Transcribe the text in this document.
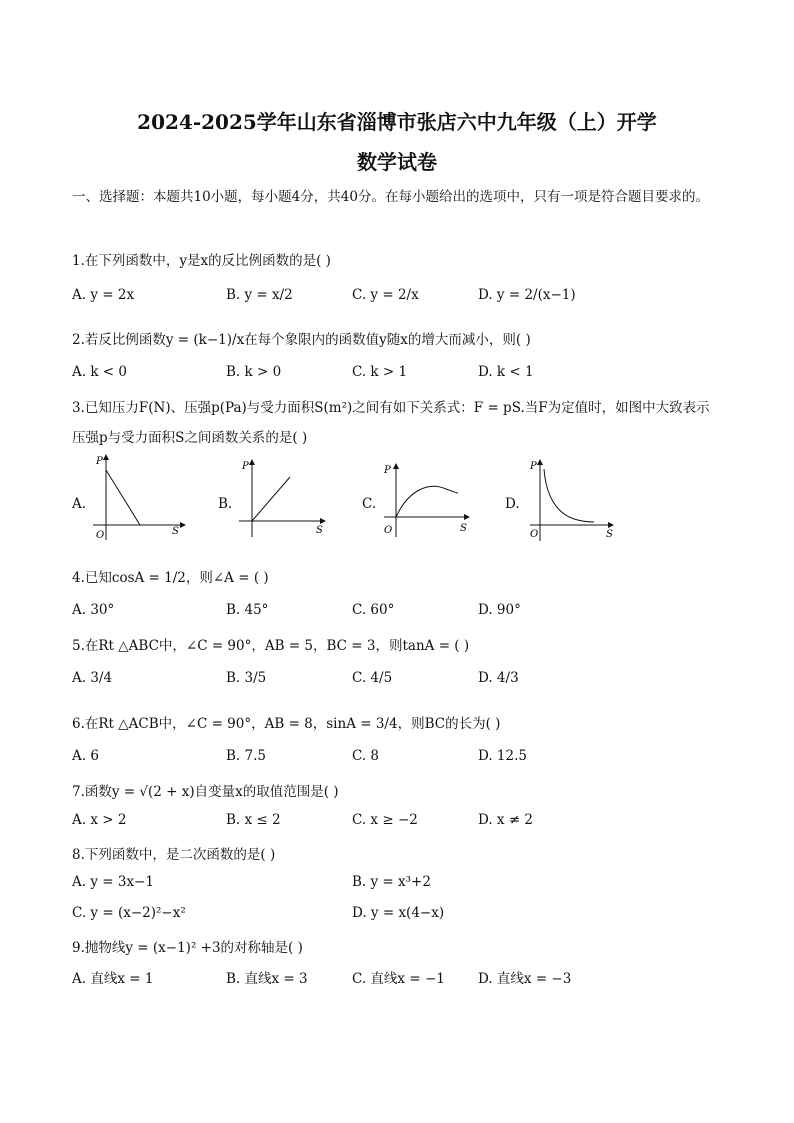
2024-2025学年山东省淄博市张店六中九年级（上）开学
数学试卷
一、选择题：本题共10小题，每小题4分，共40分。在每小题给出的选项中，只有一项是符合题目要求的。
1.在下列函数中，y是x的反比例函数的是( )
A. y = 2x	B. y = x/2	C. y = 2/x	D. y = 2/(x−1)
2.若反比例函数y = (k−1)/x在每个象限内的函数值y随x的增大而减小，则( )
A. k < 0	B. k > 0	C. k > 1	D. k < 1
3.已知压力F(N)、压强p(Pa)与受力面积S(m²)之间有如下关系式：F = pS.当F为定值时，如图中大致表示
压强p与受力面积S之间函数关系的是( )
A.	B.	C.	D.
P
S
O
P
S
P
S
O
P
S
O
4.已知cosA = 1/2，则∠A = ( )
A. 30°	B. 45°	C. 60°	D. 90°
5.在Rt △ABC中，∠C = 90°，AB = 5，BC = 3，则tanA = ( )
A. 3/4	B. 3/5	C. 4/5	D. 4/3
6.在Rt △ACB中，∠C = 90°，AB = 8，sinA = 3/4，则BC的长为( )
A. 6	B. 7.5	C. 8	D. 12.5
7.函数y = √(2 + x)自变量x的取值范围是( )
A. x > 2	B. x ≤ 2	C. x ≥ −2	D. x ≠ 2
8.下列函数中，是二次函数的是( )
A. y = 3x−1	B. y = x³+2
C. y = (x−2)²−x²	D. y = x(4−x)
9.抛物线y = (x−1)² +3的对称轴是( )
A. 直线x = 1	B. 直线x = 3	C. 直线x = −1 D. 直线x = −3
